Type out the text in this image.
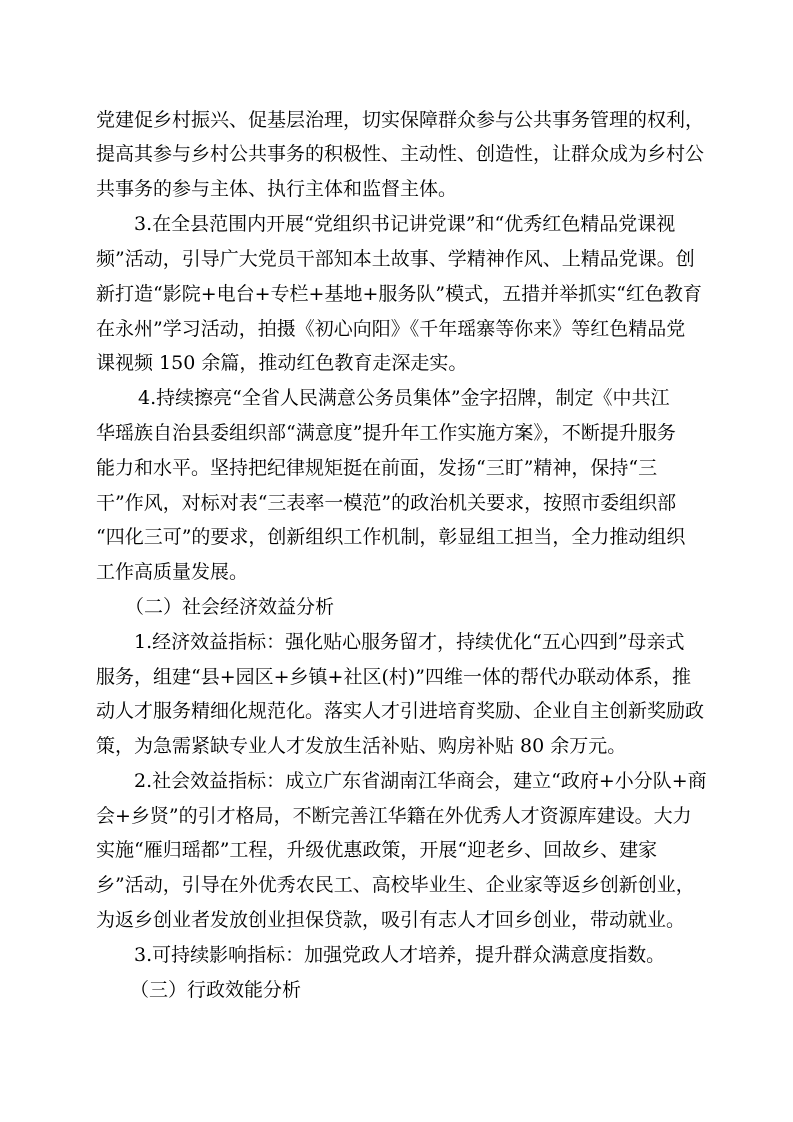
党建促乡村振兴、促基层治理，切实保障群众参与公共事务管理的权利，

提高其参与乡村公共事务的积极性、主动性、创造性，让群众成为乡村公

共事务的参与主体、执行主体和监督主体。

3.在全县范围内开展“党组织书记讲党课”和“优秀红色精品党课视

频”活动，引导广大党员干部知本土故事、学精神作风、上精品党课。创

新打造“影院+电台+专栏+基地+服务队”模式，五措并举抓实“红色教育

在永州”学习活动，拍摄《初心向阳》《千年瑶寨等你来》等红色精品党

课视频 150 余篇，推动红色教育走深走实。

4.持续擦亮“全省人民满意公务员集体”金字招牌，制定《中共江

华瑶族自治县委组织部“满意度”提升年工作实施方案》，不断提升服务

能力和水平。坚持把纪律规矩挺在前面，发扬“三盯”精神，保持“三

干”作风，对标对表“三表率一模范”的政治机关要求，按照市委组织部

“四化三可”的要求，创新组织工作机制，彰显组工担当，全力推动组织

工作高质量发展。

（二）社会经济效益分析

1.经济效益指标：强化贴心服务留才，持续优化“五心四到”母亲式

服务，组建“县+园区+乡镇+社区(村)”四维一体的帮代办联动体系，推

动人才服务精细化规范化。落实人才引进培育奖励、企业自主创新奖励政

策，为急需紧缺专业人才发放生活补贴、购房补贴 80 余万元。

2.社会效益指标：成立广东省湖南江华商会，建立“政府+小分队+商

会+乡贤”的引才格局，不断完善江华籍在外优秀人才资源库建设。大力

实施“雁归瑶都”工程，升级优惠政策，开展“迎老乡、回故乡、建家

乡”活动，引导在外优秀农民工、高校毕业生、企业家等返乡创新创业，

为返乡创业者发放创业担保贷款，吸引有志人才回乡创业，带动就业。

3.可持续影响指标：加强党政人才培养，提升群众满意度指数。

（三）行政效能分析
